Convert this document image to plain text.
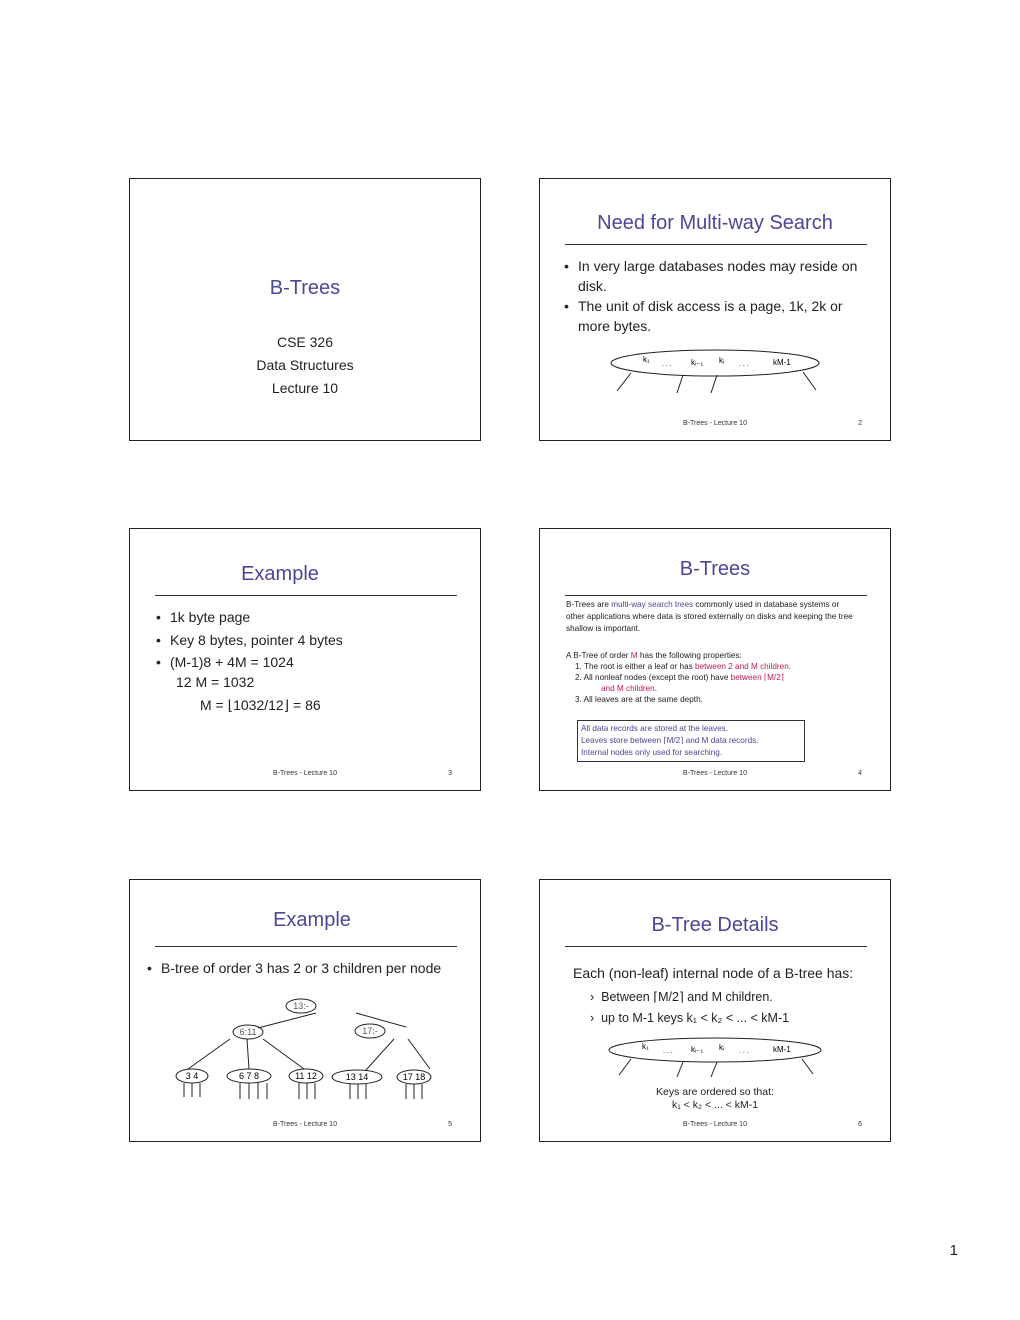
B-Trees
CSE 326
Data Structures
Lecture 10
Need for Multi-way Search
• In very large databases nodes may reside on disk.
• The unit of disk access is a page, 1k, 2k or more bytes.
k₁
. . . kᵢ₋₁ kᵢ . . .	kM-1
B-Trees - Lecture 10	2
Example
• 1k byte page
• Key 8 bytes, pointer 4 bytes
• (M-1)8 + 4M = 1024
12 M = 1032
M = ⌊1032/12⌋ = 86
B-Trees - Lecture 10	3
B-Trees
B-Trees are multi-way search trees commonly used in database systems or other applications where data is stored externally on disks and keeping the tree shallow is important.
A B-Tree of order M has the following properties:
1. The root is either a leaf or has between 2 and M children.
2. All nonleaf nodes (except the root) have between ⌈M/2⌉
and M children.
3. All leaves are at the same depth.
All data records are stored at the leaves.
Leaves store between ⌈M/2⌉ and M data records.
Internal nodes only used for searching.
B-Trees - Lecture 10	4
Example
• B-tree of order 3 has 2 or 3 children per node
13:-
6:11	17:-
3 4	6 7 8	11 12	13 14	17 18
B-Trees - Lecture 10	5
B-Tree Details
Each (non-leaf) internal node of a B-tree has:
›  Between ⌈M/2⌉ and M children.
›  up to M-1 keys k₁ < k₂ < ... < kM-1
k₁
. . . kᵢ₋₁ kᵢ . . .	kM-1
Keys are ordered so that:
k₁ < k₂ < ... < kM-1
B-Trees - Lecture 10	6
1
